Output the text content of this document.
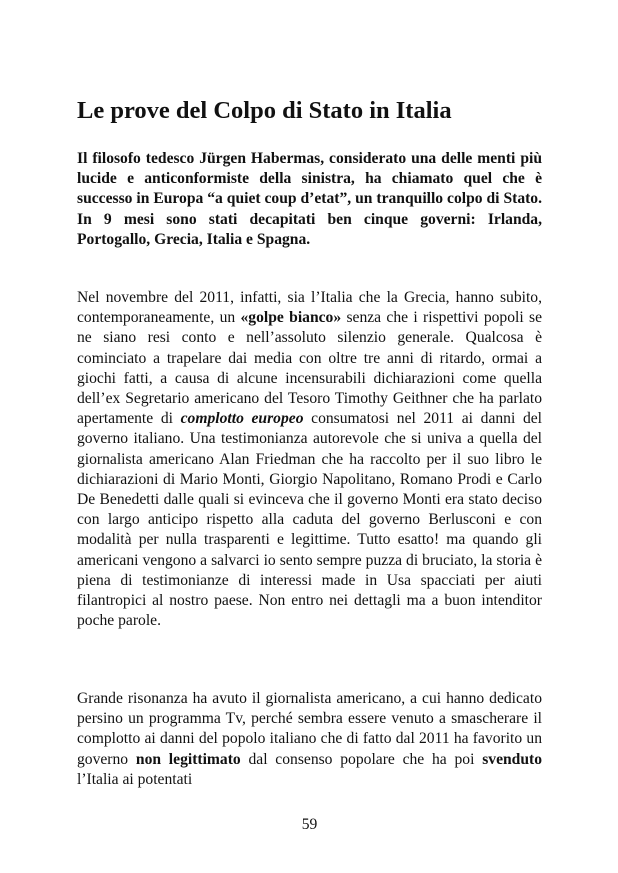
Le prove del Colpo di Stato in Italia

Il filosofo tedesco Jürgen Habermas, considerato una delle menti più lucide e anticonformiste della sinistra, ha chiamato quel che è successo in Europa “a quiet coup d’etat”, un tranquillo colpo di Stato. In 9 mesi sono stati decapitati ben cinque governi: Irlanda, Portogallo, Grecia, Italia e Spagna.

Nel novembre del 2011, infatti, sia l’Italia che la Grecia, hanno subito, contemporaneamente, un «golpe bianco» senza che i rispettivi popoli se ne siano resi conto e nell’assoluto silenzio generale. Qualcosa è cominciato a trapelare dai media con oltre tre anni di ritardo, ormai a giochi fatti, a causa di alcune incensurabili dichiarazioni come quella dell’ex Segretario americano del Tesoro Timothy Geithner che ha parlato apertamente di complotto europeo consumatosi nel 2011 ai danni del governo italiano. Una testimonianza autorevole che si univa a quella del giornalista americano Alan Friedman che ha raccolto per il suo libro le dichiarazioni di Mario Monti, Giorgio Napolitano, Romano Prodi e Carlo De Benedetti dalle quali si evinceva che il governo Monti era stato deciso con largo anticipo rispetto alla caduta del governo Berlusconi e con modalità per nulla trasparenti e legittime. Tutto esatto! ma quando gli americani vengono a salvarci io sento sempre puzza di bruciato, la storia è piena di testimonianze di interessi made in Usa spacciati per aiuti filantropici al nostro paese. Non entro nei dettagli ma a buon intenditor poche parole.

Grande risonanza ha avuto il giornalista americano, a cui hanno dedicato persino un programma Tv, perché sembra essere venuto a smascherare il complotto ai danni del popolo italiano che di fatto dal 2011 ha favorito un governo non legittimato dal consenso popolare che ha poi svenduto l’Italia ai potentati

59
